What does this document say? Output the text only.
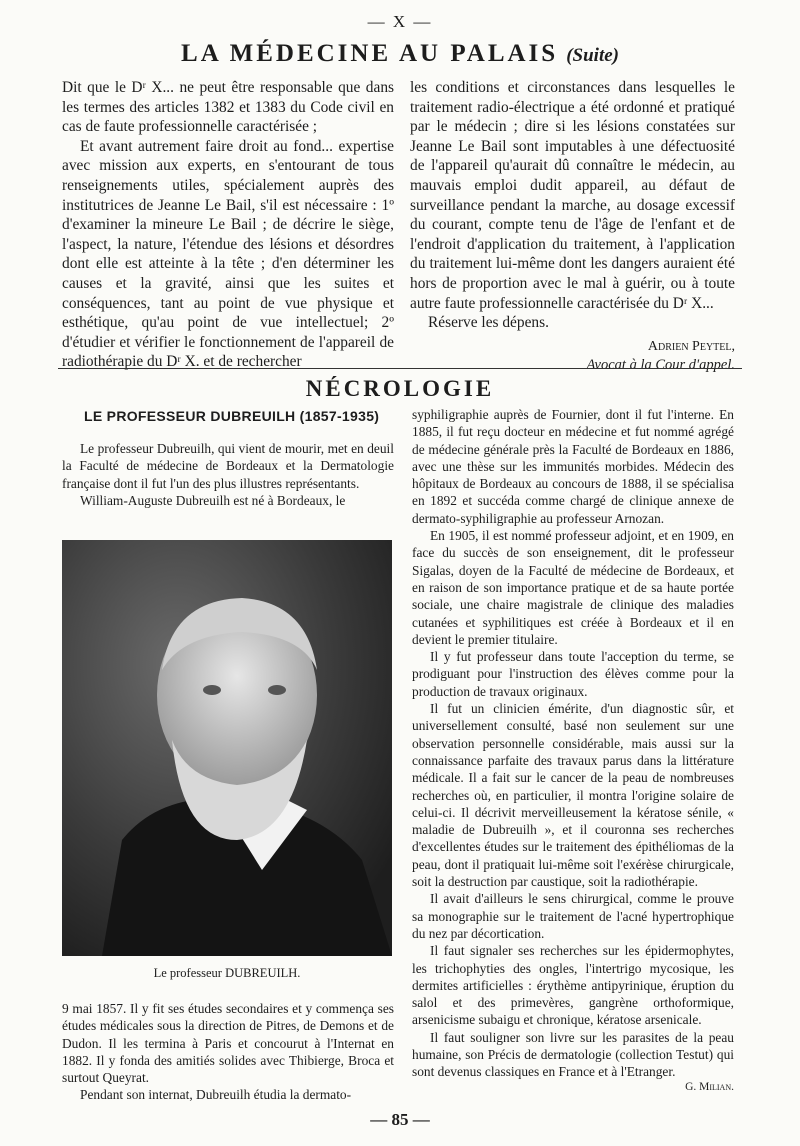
— X —
LA MÉDECINE AU PALAIS (Suite)

Dit que le Dʳ X... ne peut être responsable que dans les termes des articles 1382 et 1383 du Code civil en cas de faute professionnelle caractérisée ;

Et avant autrement faire droit au fond... expertise avec mission aux experts, en s'entourant de tous renseignements utiles, spécialement auprès des institutrices de Jeanne Le Bail, s'il est nécessaire : 1º d'examiner la mineure Le Bail ; de décrire le siège, l'aspect, la nature, l'étendue des lésions et désordres dont elle est atteinte à la tête ; d'en déterminer les causes et la gravité, ainsi que les suites et conséquences, tant au point de vue physique et esthétique, qu'au point de vue intellectuel; 2º d'étudier et vérifier le fonctionnement de l'appareil de radiothérapie du Dʳ X. et de rechercher

les conditions et circonstances dans lesquelles le traitement radio-électrique a été ordonné et pratiqué par le médecin ; dire si les lésions constatées sur Jeanne Le Bail sont imputables à une défectuosité de l'appareil qu'aurait dû connaître le médecin, au mauvais emploi dudit appareil, au défaut de surveillance pendant la marche, au dosage excessif du courant, compte tenu de l'âge de l'enfant et de l'endroit d'application du traitement, à l'application du traitement lui-même dont les dangers auraient été hors de proportion avec le mal à guérir, ou à toute autre faute professionnelle caractérisée du Dʳ X...

Réserve les dépens.

Adrien Peytel,
Avocat à la Cour d'appel.
NÉCROLOGIE
LE PROFESSEUR DUBREUILH (1857-1935)

Le professeur Dubreuilh, qui vient de mourir, met en deuil la Faculté de médecine de Bordeaux et la Dermatologie française dont il fut l'un des plus illustres représentants.

William-Auguste Dubreuilh est né à Bordeaux, le

Le professeur DUBREUILH.

9 mai 1857. Il y fit ses études secondaires et y commença ses études médicales sous la direction de Pitres, de Demons et de Dudon. Il les termina à Paris et concourut à l'Internat en 1882. Il y fonda des amitiés solides avec Thibierge, Broca et surtout Queyrat.

Pendant son internat, Dubreuilh étudia la dermato-

syphiligraphie auprès de Fournier, dont il fut l'interne. En 1885, il fut reçu docteur en médecine et fut nommé agrégé de médecine générale près la Faculté de Bordeaux en 1886, avec une thèse sur les immunités morbides. Médecin des hôpitaux de Bordeaux au concours de 1888, il se spécialisa en 1892 et succéda comme chargé de clinique annexe de dermato-syphiligraphie au professeur Arnozan.

En 1905, il est nommé professeur adjoint, et en 1909, en face du succès de son enseignement, dit le professeur Sigalas, doyen de la Faculté de médecine de Bordeaux, et en raison de son importance pratique et de sa haute portée sociale, une chaire magistrale de clinique des maladies cutanées et syphilitiques est créée à Bordeaux et il en devient le premier titulaire.

Il y fut professeur dans toute l'acception du terme, se prodiguant pour l'instruction des élèves comme pour la production de travaux originaux.

Il fut un clinicien émérite, d'un diagnostic sûr, et universellement consulté, basé non seulement sur une observation personnelle considérable, mais aussi sur la connaissance parfaite des travaux parus dans la littérature médicale. Il a fait sur le cancer de la peau de nombreuses recherches où, en particulier, il montra l'origine solaire de celui-ci. Il décrivit merveilleusement la kératose sénile, « maladie de Dubreuilh », et il couronna ses recherches d'excellentes études sur le traitement des épithéliomas de la peau, dont il pratiquait lui-même soit l'exérèse chirurgicale, soit la destruction par caustique, soit la radiothérapie.

Il avait d'ailleurs le sens chirurgical, comme le prouve sa monographie sur le traitement de l'acné hypertrophique du nez par décortication.

Il faut signaler ses recherches sur les épidermophytes, les trichophyties des ongles, l'intertrigo mycosique, les dermites artificielles : érythème antipyrinique, éruption du salol et des primevères, gangrène orthoformique, arsenicisme subaigu et chronique, kératose arsenicale.

Il faut souligner son livre sur les parasites de la peau humaine, son Précis de dermatologie (collection Testut) qui sont devenus classiques en France et à l'Etranger.

G. Milian.
— 85 —
